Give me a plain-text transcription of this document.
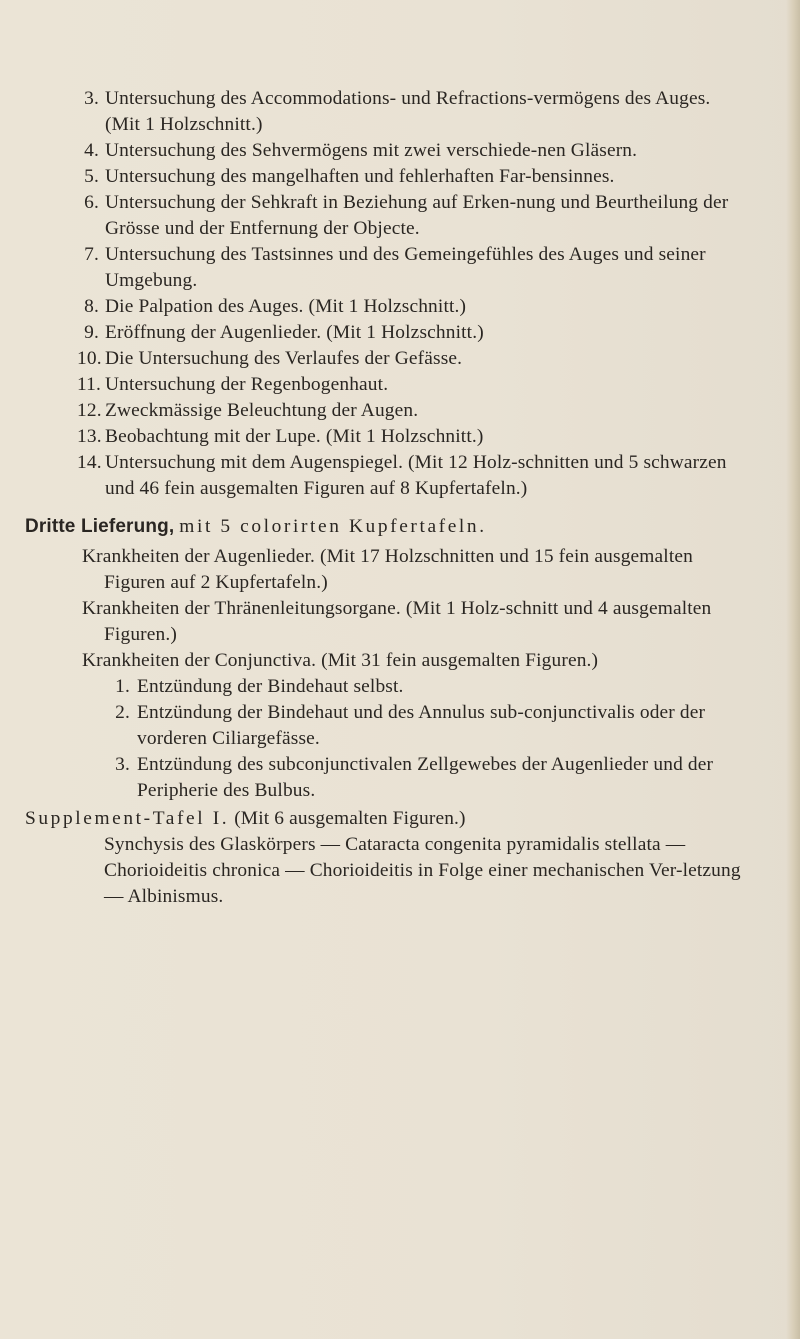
3. Untersuchung des Accommodations- und Refractions-vermögens des Auges. (Mit 1 Holzschnitt.)
4. Untersuchung des Sehvermögens mit zwei verschiede-nen Gläsern.
5. Untersuchung des mangelhaften und fehlerhaften Far-bensinnes.
6. Untersuchung der Sehkraft in Beziehung auf Erken-nung und Beurtheilung der Grösse und der Entfernung der Objecte.
7. Untersuchung des Tastsinnes und des Gemeingefühles des Auges und seiner Umgebung.
8. Die Palpation des Auges. (Mit 1 Holzschnitt.)
9. Eröffnung der Augenlieder. (Mit 1 Holzschnitt.)
10. Die Untersuchung des Verlaufes der Gefässe.
11. Untersuchung der Regenbogenhaut.
12. Zweckmässige Beleuchtung der Augen.
13. Beobachtung mit der Lupe. (Mit 1 Holzschnitt.)
14. Untersuchung mit dem Augenspiegel. (Mit 12 Holz-schnitten und 5 schwarzen und 46 fein ausgemalten Figuren auf 8 Kupfertafeln.)
Dritte Lieferung, mit 5 colorirten Kupfertafeln.
Krankheiten der Augenlieder. (Mit 17 Holzschnitten und 15 fein ausgemalten Figuren auf 2 Kupfertafeln.)
Krankheiten der Thränenleitungsorgane. (Mit 1 Holz-schnitt und 4 ausgemalten Figuren.)
Krankheiten der Conjunctiva. (Mit 31 fein ausgemalten Figuren.)
1. Entzündung der Bindehaut selbst.
2. Entzündung der Bindehaut und des Annulus sub-conjunctivalis oder der vorderen Ciliargefässe.
3. Entzündung des subconjunctivalen Zellgewebes der Augenlieder und der Peripherie des Bulbus.
Supplement-Tafel I. (Mit 6 ausgemalten Figuren.)
Synchysis des Glaskörpers — Cataracta congenita pyramidalis stellata — Chorioideitis chronica — Chorioideitis in Folge einer mechanischen Ver-letzung — Albinismus.
